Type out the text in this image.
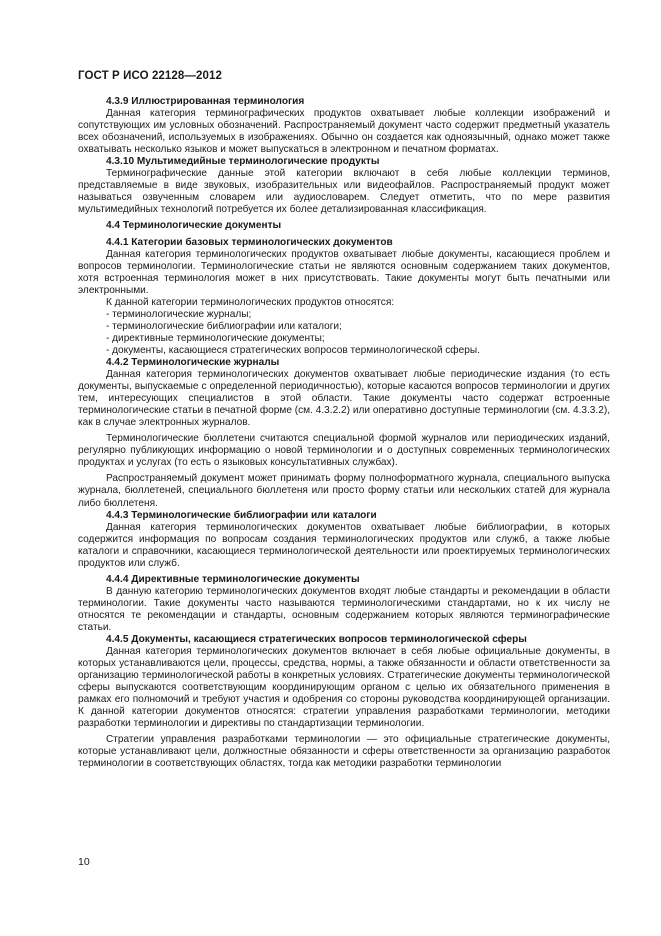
ГОСТ Р ИСО 22128—2012
4.3.9 Иллюстрированная терминология
Данная категория терминографических продуктов охватывает любые коллекции изображений и сопутствующих им условных обозначений. Распространяемый документ часто содержит предметный указатель всех обозначений, используемых в изображениях. Обычно он создается как одноязычный, однако может также охватывать несколько языков и может выпускаться в электронном и печатном форматах.
4.3.10 Мультимедийные терминологические продукты
Терминографические данные этой категории включают в себя любые коллекции терминов, представляемые в виде звуковых, изобразительных или видеофайлов. Распространяемый продукт может называться озвученным словарем или аудиословарем. Следует отметить, что по мере развития мультимедийных технологий потребуется их более детализированная классификация.
4.4 Терминологические документы
4.4.1 Категории базовых терминологических документов
Данная категория терминологических продуктов охватывает любые документы, касающиеся проблем и вопросов терминологии. Терминологические статьи не являются основным содержанием таких документов, хотя встроенная терминология может в них присутствовать. Такие документы могут быть печатными или электронными.
К данной категории терминологических продуктов относятся:
- терминологические журналы;
- терминологические библиографии или каталоги;
- директивные терминологические документы;
- документы, касающиеся стратегических вопросов терминологической сферы.
4.4.2 Терминологические журналы
Данная категория терминологических документов охватывает любые периодические издания (то есть документы, выпускаемые с определенной периодичностью), которые касаются вопросов терминологии и других тем, интересующих специалистов в этой области. Такие документы часто содержат встроенные терминологические статьи в печатной форме (см. 4.3.2.2) или оперативно доступные терминологии (см. 4.3.3.2), как в случае электронных журналов.
Терминологические бюллетени считаются специальной формой журналов или периодических изданий, регулярно публикующих информацию о новой терминологии и о доступных современных терминологических продуктах и услугах (то есть о языковых консультативных службах).
Распространяемый документ может принимать форму полноформатного журнала, специального выпуска журнала, бюллетеней, специального бюллетеня или просто форму статьи или нескольких статей для журнала либо бюллетеня.
4.4.3 Терминологические библиографии или каталоги
Данная категория терминологических документов охватывает любые библиографии, в которых содержится информация по вопросам создания терминологических продуктов или служб, а также любые каталоги и справочники, касающиеся терминологической деятельности или проектируемых терминологических продуктов или служб.
4.4.4 Директивные терминологические документы
В данную категорию терминологических документов входят любые стандарты и рекомендации в области терминологии. Такие документы часто называются терминологическими стандартами, но к их числу не относятся те рекомендации и стандарты, основным содержанием которых являются терминографические статьи.
4.4.5 Документы, касающиеся стратегических вопросов терминологической сферы
Данная категория терминологических документов включает в себя любые официальные документы, в которых устанавливаются цели, процессы, средства, нормы, а также обязанности и области ответственности за организацию терминологической работы в конкретных условиях. Стратегические документы терминологической сферы выпускаются соответствующим координирующим органом с целью их обязательного применения в рамках его полномочий и требуют участия и одобрения со стороны руководства координирующей организации. К данной категории документов относятся: стратегии управления разработками терминологии, методики разработки терминологии и директивы по стандартизации терминологии.
Стратегии управления разработками терминологии — это официальные стратегические документы, которые устанавливают цели, должностные обязанности и сферы ответственности за организацию разработок терминологии в соответствующих областях, тогда как методики разработки терминологии
10
